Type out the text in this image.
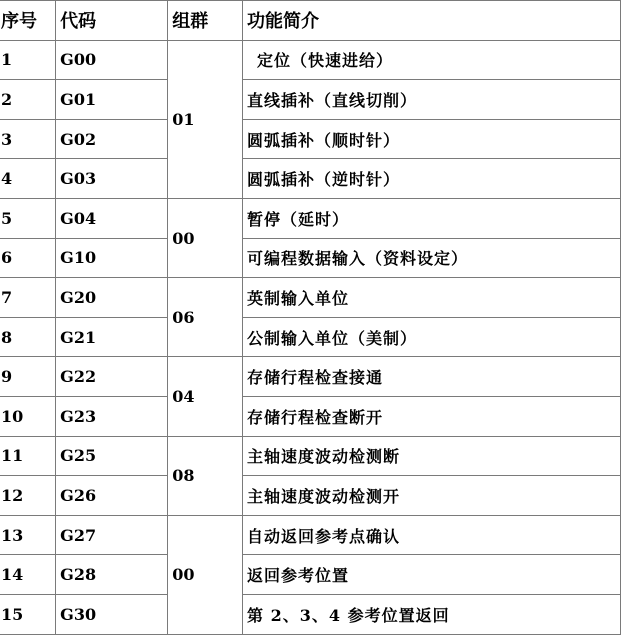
序号	代码	组群	功能简介
1	G00	01	定位（快速进给）
2	G01		直线插补（直线切削）
3	G02		圆弧插补（顺时针）
4	G03		圆弧插补（逆时针）
5	G04	00	暂停（延时）
6	G10		可编程数据输入（资料设定）
7	G20	06	英制输入单位
8	G21		公制输入单位（美制）
9	G22	04	存储行程检查接通
10	G23		存储行程检查断开
11	G25	08	主轴速度波动检测断
12	G26		主轴速度波动检测开
13	G27	00	自动返回参考点确认
14	G28		返回参考位置
15	G30		第 2、3、4 参考位置返回
